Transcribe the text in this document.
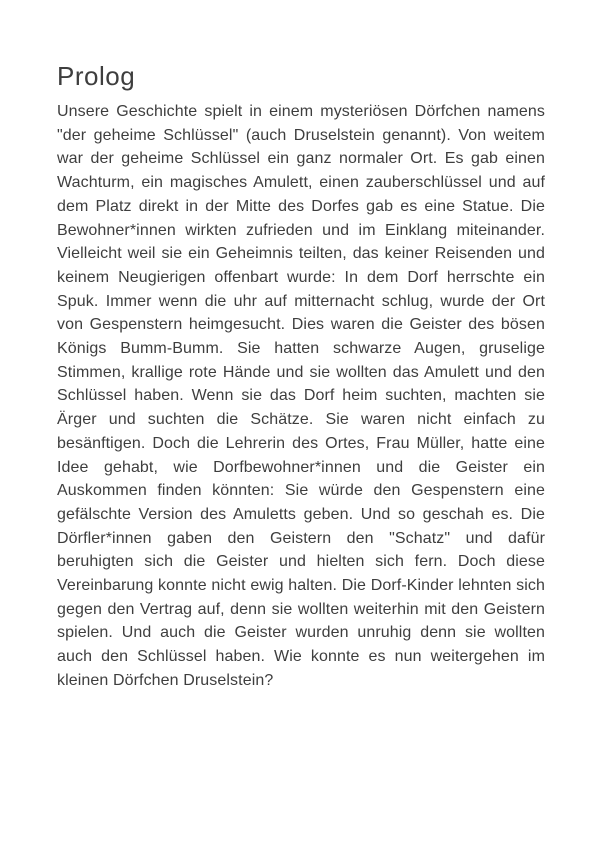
Prolog

Unsere Geschichte spielt in einem mysteriösen Dörfchen namens "der geheime Schlüssel" (auch Druselstein genannt). Von weitem war der geheime Schlüssel ein ganz normaler Ort. Es gab einen Wachturm, ein magisches Amulett, einen zauberschlüssel und auf dem Platz direkt in der Mitte des Dorfes gab es eine Statue. Die Bewohner*innen wirkten zufrieden und im Einklang miteinander. Vielleicht weil sie ein Geheimnis teilten, das keiner Reisenden und keinem Neugierigen offenbart wurde: In dem Dorf herrschte ein Spuk. Immer wenn die uhr auf mitternacht schlug, wurde der Ort von Gespenstern heimgesucht. Dies waren die Geister des bösen Königs Bumm-Bumm. Sie hatten schwarze Augen, gruselige Stimmen, krallige rote Hände und sie wollten das Amulett und den Schlüssel haben. Wenn sie das Dorf heim suchten, machten sie Ärger und suchten die Schätze. Sie waren nicht einfach zu besänftigen. Doch die Lehrerin des Ortes, Frau Müller, hatte eine Idee gehabt, wie Dorfbewohner*innen und die Geister ein Auskommen finden könnten: Sie würde den Gespenstern eine gefälschte Version des Amuletts geben. Und so geschah es. Die Dörfler*innen gaben den Geistern den "Schatz" und dafür beruhigten sich die Geister und hielten sich fern. Doch diese Vereinbarung konnte nicht ewig halten. Die Dorf-Kinder lehnten sich gegen den Vertrag auf, denn sie wollten weiterhin mit den Geistern spielen. Und auch die Geister wurden unruhig denn sie wollten auch den Schlüssel haben. Wie konnte es nun weitergehen im kleinen Dörfchen Druselstein?
